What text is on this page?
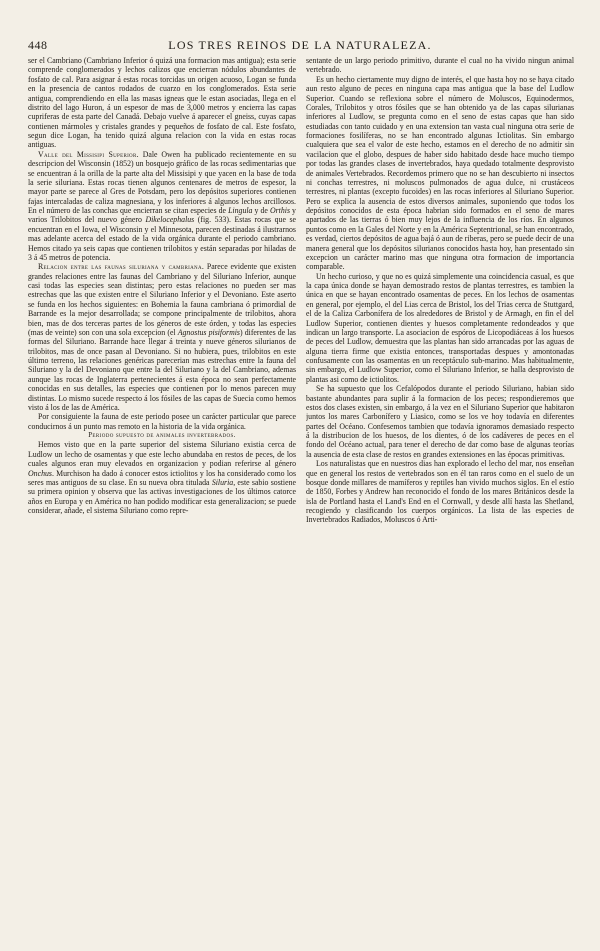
448	LOS TRES REINOS DE LA NATURALEZA.

ser el Cambriano (Cambriano Inferior ó quizá una formacion mas antigua); esta serie comprende conglomerados y lechos calizos que encierran nódulos abundantes de fosfato de cal. Para asignar á estas rocas torcidas un origen acuoso, Logan se funda en la presencia de cantos rodados de cuarzo en los conglomerados. Esta serie antigua, comprendiendo en ella las masas igneas que le estan asociadas, llega en el distrito del lago Huron, á un espesor de mas de 3,000 metros y encierra las capas cupriferas de esta parte del Canadá. Debajo vuelve á aparecer el gneiss, cuyas capas contienen mármoles y cristales grandes y pequeños de fosfato de cal. Este fosfato, segun dice Logan, ha tenido quizá alguna relacion con la vida en estas rocas antiguas.

Valle del Missisipi Superior. Dale Owen ha publicado recientemente en su descripcion del Wisconsin (1852) un bosquejo gráfico de las rocas sedimentarias que se encuentran á la orilla de la parte alta del Missisipi y que yacen en la base de toda la serie siluriana. Estas rocas tienen algunos centenares de metros de espesor, la mayor parte se parece al Gres de Potsdam, pero los depósitos superiores contienen fajas intercaladas de caliza magnesiana, y los inferiores á algunos lechos arcillosos. En el número de las conchas que encierran se citan especies de Lingula y de Orthis y varios Trilobitos del nuevo género Dikelocephalus (fig. 533). Estas rocas que se encuentran en el Iowa, el Wisconsin y el Minnesota, parecen destinadas á ilustrarnos mas adelante acerca del estado de la vida orgánica durante el periodo cambriano. Hemos citado ya seis capas que contienen trilobitos y están separadas por hiladas de 3 á 45 metros de potencia.

Relacion entre las faunas siluriana y cambriana. Parece evidente que existen grandes relaciones entre las faunas del Cambriano y del Siluriano Inferior, aunque casi todas las especies sean distintas; pero estas relaciones no pueden ser mas estrechas que las que existen entre el Siluriano Inferior y el Devoniano. Este aserto se funda en los hechos siguientes: en Bohemia la fauna cambriana ó primordial de Barrande es la mejor desarrollada; se compone principalmente de trilobitos, ahora bien, mas de dos terceras partes de los géneros de este órden, y todas las especies (mas de veinte) son con una sola excepcion (el Agnostus pisiformis) diferentes de las formas del Siluriano. Barrande hace llegar á treinta y nueve géneros silurianos de trilobitos, mas de once pasan al Devoniano. Si no hubiera, pues, trilobitos en este último terreno, las relaciones genéricas parecerian mas estrechas entre la fauna del Siluriano y la del Devoniano que entre la del Siluriano y la del Cambriano, ademas aunque las rocas de Inglaterra pertenecientes á esta época no sean perfectamente conocidas en sus detalles, las especies que contienen por lo menos parecen muy distintas. Lo mismo sucede respecto á los fósiles de las capas de Suecia como hemos visto á los de las de América.

Por consiguiente la fauna de este periodo posee un carácter particular que parece conducirnos á un punto mas remoto en la historia de la vida orgánica.

Periodo supuesto de animales invertebrados.

Hemos visto que en la parte superior del sistema Siluriano existia cerca de Ludlow un lecho de osamentas y que este lecho abundaba en restos de peces, de los cuales algunos eran muy elevados en organizacion y podian referirse al género Onchus. Murchison ha dado á conocer estos ictiolitos y los ha considerado como los seres mas antiguos de su clase. En su nueva obra titulada Siluria, este sabio sostiene su primera opinion y observa que las activas investigaciones de los últimos catorce años en Europa y en América no han podido modificar esta generalizacion; se puede considerar, añade, el sistema Siluriano como repre-

sentante de un largo periodo primitivo, durante el cual no ha vivido ningun animal vertebrado.

Es un hecho ciertamente muy digno de interés, el que hasta hoy no se haya citado aun resto alguno de peces en ninguna capa mas antigua que la base del Ludlow Superior. Cuando se reflexiona sobre el número de Moluscos, Equinodermos, Corales, Trilobitos y otros fósiles que se han obtenido ya de las capas silurianas inferiores al Ludlow, se pregunta como en el seno de estas capas que han sido estudiadas con tanto cuidado y en una extension tan vasta cual ninguna otra serie de formaciones fosilíferas, no se han encontrado algunas Ictiolitas. Sin embargo cualquiera que sea el valor de este hecho, estamos en el derecho de no admitir sin vacilacion que el globo, despues de haber sido habitado desde hace mucho tiempo por todas las grandes clases de invertebrados, haya quedado totalmente desprovisto de animales Vertebrados. Recordemos primero que no se han descubierto ni insectos ni conchas terrestres, ni moluscos pulmonados de agua dulce, ni crustáceos terrestres, ni plantas (excepto fucoides) en las rocas inferiores al Siluriano Superior. Pero se explica la ausencia de estos diversos animales, suponiendo que todos los depósitos conocidos de esta época habrian sido formados en el seno de mares apartados de las tierras ó bien muy lejos de la influencia de los ríos. En algunos puntos como en la Gales del Norte y en la América Septentrional, se han encontrado, es verdad, ciertos depósitos de agua bajá ó aun de riberas, pero se puede decir de una manera general que los depósitos silurianos conocidos hasta hoy, han presentado sin excepcion un carácter marino mas que ninguna otra formacion de importancia comparable.

Un hecho curioso, y que no es quizá simplemente una coincidencia casual, es que la capa única donde se hayan demostrado restos de plantas terrestres, es tambien la única en que se hayan encontrado osamentas de peces. En los lechos de osamentas en general, por ejemplo, el del Lias cerca de Bristol, los del Trias cerca de Stuttgard, el de la Caliza Carbonífera de los alrededores de Bristol y de Armagh, en fin el del Ludlow Superior, contienen dientes y huesos completamente redondeados y que indican un largo transporte. La asociacion de espóros de Licopodiáceas á los huesos de peces del Ludlow, demuestra que las plantas han sido arrancadas por las aguas de alguna tierra firme que existia entonces, transportadas despues y amontonadas confusamente con las osamentas en un receptáculo sub-marino. Mas habitualmente, sin embargo, el Ludlow Superior, como el Siluriano Inferior, se halla desprovisto de plantas asi como de ictiolitos.

Se ha supuesto que los Cefalópodos durante el periodo Siluriano, habian sido bastante abundantes para suplir á la formacion de los peces; respondieremos que estos dos clases existen, sin embargo, á la vez en el Siluriano Superior que habitaron juntos los mares Carbonífero y Liasico, como se los ve hoy todavía en diferentes partes del Océano. Confesemos tambien que todavía ignoramos demasiado respecto á la distribucion de los huesos, de los dientes, ó de los cadáveres de peces en el fondo del Océano actual, para tener el derecho de dar como base de algunas teorías la ausencia de esta clase de restos en grandes extensiones en las épocas primitivas.

Los naturalistas que en nuestros dias han explorado el lecho del mar, nos enseñan que en general los restos de vertebrados son en él tan raros como en el suelo de un bosque donde millares de mamíferos y reptiles han vivido muchos siglos. En el estío de 1850, Forbes y Andrew han reconocido el fondo de los mares Británicos desde la isla de Portland hasta el Land's End en el Cornwall, y desde allí hasta las Shetland, recogiendo y clasificando los cuerpos orgánicos. La lista de las especies de Invertebrados Radiados, Moluscos ó Arti-
